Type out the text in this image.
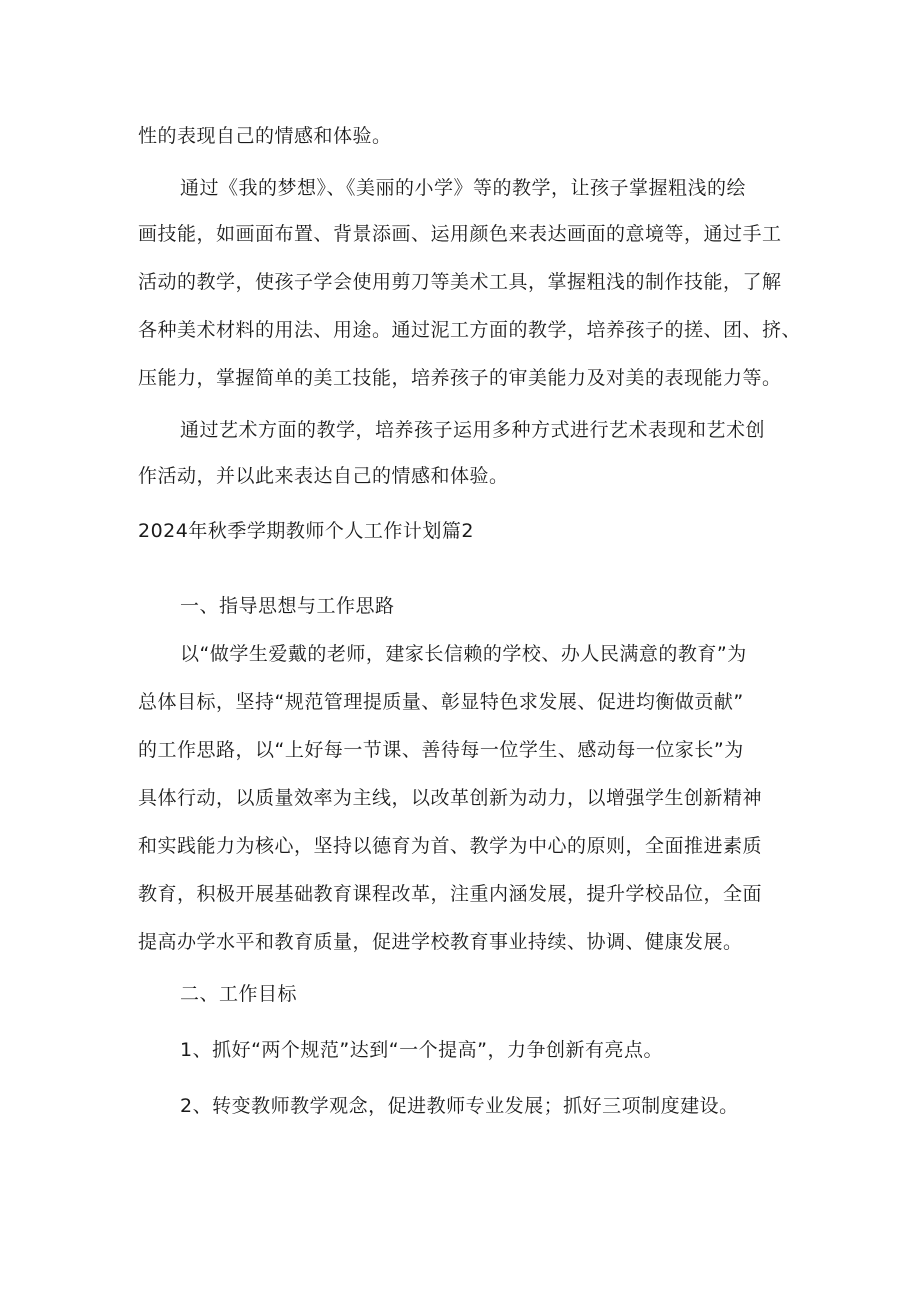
性的表现自己的情感和体验。
通过《我的梦想》、《美丽的小学》等的教学，让孩子掌握粗浅的绘
画技能，如画面布置、背景添画、运用颜色来表达画面的意境等，通过手工
活动的教学，使孩子学会使用剪刀等美术工具，掌握粗浅的制作技能，了解
各种美术材料的用法、用途。通过泥工方面的教学，培养孩子的搓、团、挤、
压能力，掌握简单的美工技能，培养孩子的审美能力及对美的表现能力等。
通过艺术方面的教学，培养孩子运用多种方式进行艺术表现和艺术创
作活动，并以此来表达自己的情感和体验。
2024年秋季学期教师个人工作计划篇2
一、指导思想与工作思路
以“做学生爱戴的老师，建家长信赖的学校、办人民满意的教育”为
总体目标，坚持“规范管理提质量、彰显特色求发展、促进均衡做贡献”
的工作思路，以“上好每一节课、善待每一位学生、感动每一位家长”为
具体行动，以质量效率为主线，以改革创新为动力，以增强学生创新精神
和实践能力为核心，坚持以德育为首、教学为中心的原则，全面推进素质
教育，积极开展基础教育课程改革，注重内涵发展，提升学校品位，全面
提高办学水平和教育质量，促进学校教育事业持续、协调、健康发展。
二、工作目标
1、抓好“两个规范”达到“一个提高”，力争创新有亮点。
2、转变教师教学观念，促进教师专业发展；抓好三项制度建设。
